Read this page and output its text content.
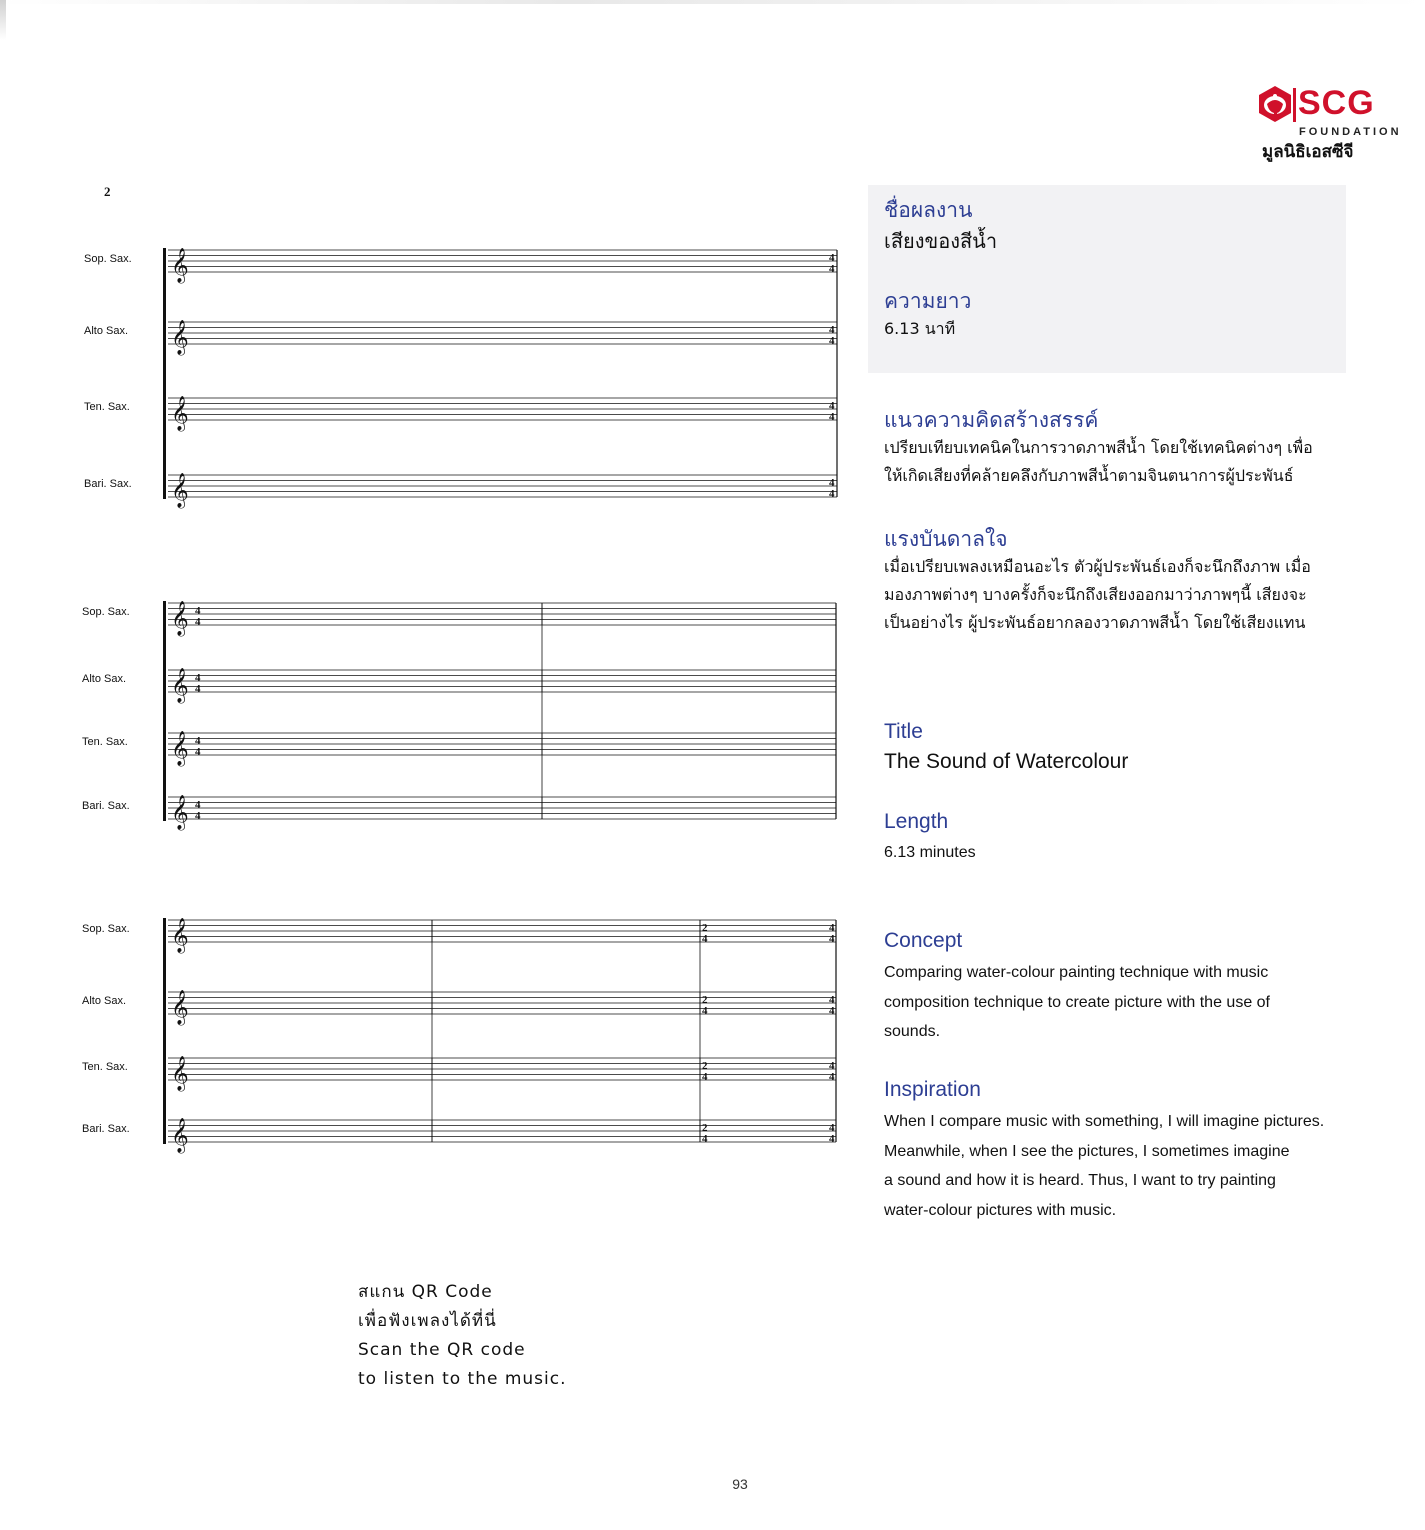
SCG
FOUNDATION
มูลนิธิเอสซีจี
2
𝄞
𝄞
𝄞
𝄞
𝄞
𝄞
𝄞
𝄞
𝄞
𝄞
𝄞
𝄞
4
4
4
4
4
4
4
4
4
4
4
4
4
4
4
4
4
4
2
4
4
4
2
4
4
4
2
4
4
4
2
4
Sop. Sax.
Alto Sax.
Ten. Sax.
Bari. Sax.
Sop. Sax.
Alto Sax.
Ten. Sax.
Bari. Sax.
Sop. Sax.
Alto Sax.
Ten. Sax.
Bari. Sax.
ชื่อผลงาน
เสียงของสีน้ำ
ความยาว
6.13 นาที
แนวความคิดสร้างสรรค์
เปรียบเทียบเทคนิคในการวาดภาพสีน้ำ โดยใช้เทคนิคต่างๆ เพื่อ
ให้เกิดเสียงที่คล้ายคลึงกับภาพสีน้ำตามจินตนาการผู้ประพันธ์
แรงบันดาลใจ
เมื่อเปรียบเพลงเหมือนอะไร ตัวผู้ประพันธ์เองก็จะนึกถึงภาพ เมื่อ
มองภาพต่างๆ บางครั้งก็จะนึกถึงเสียงออกมาว่าภาพๆนี้ เสียงจะ
เป็นอย่างไร ผู้ประพันธ์อยากลองวาดภาพสีน้ำ โดยใช้เสียงแทน
Title
The Sound of Watercolour
Length
6.13 minutes
Concept
Comparing water-colour painting technique with music
composition technique to create picture with the use of
sounds.
Inspiration
When I compare music with something, I will imagine pictures.
Meanwhile, when I see the pictures, I sometimes imagine
a sound and how it is heard. Thus, I want to try painting
water-colour pictures with music.
สแกน QR Code
เพื่อฟังเพลงได้ที่นี่
Scan the QR code
to listen to the music.
93
